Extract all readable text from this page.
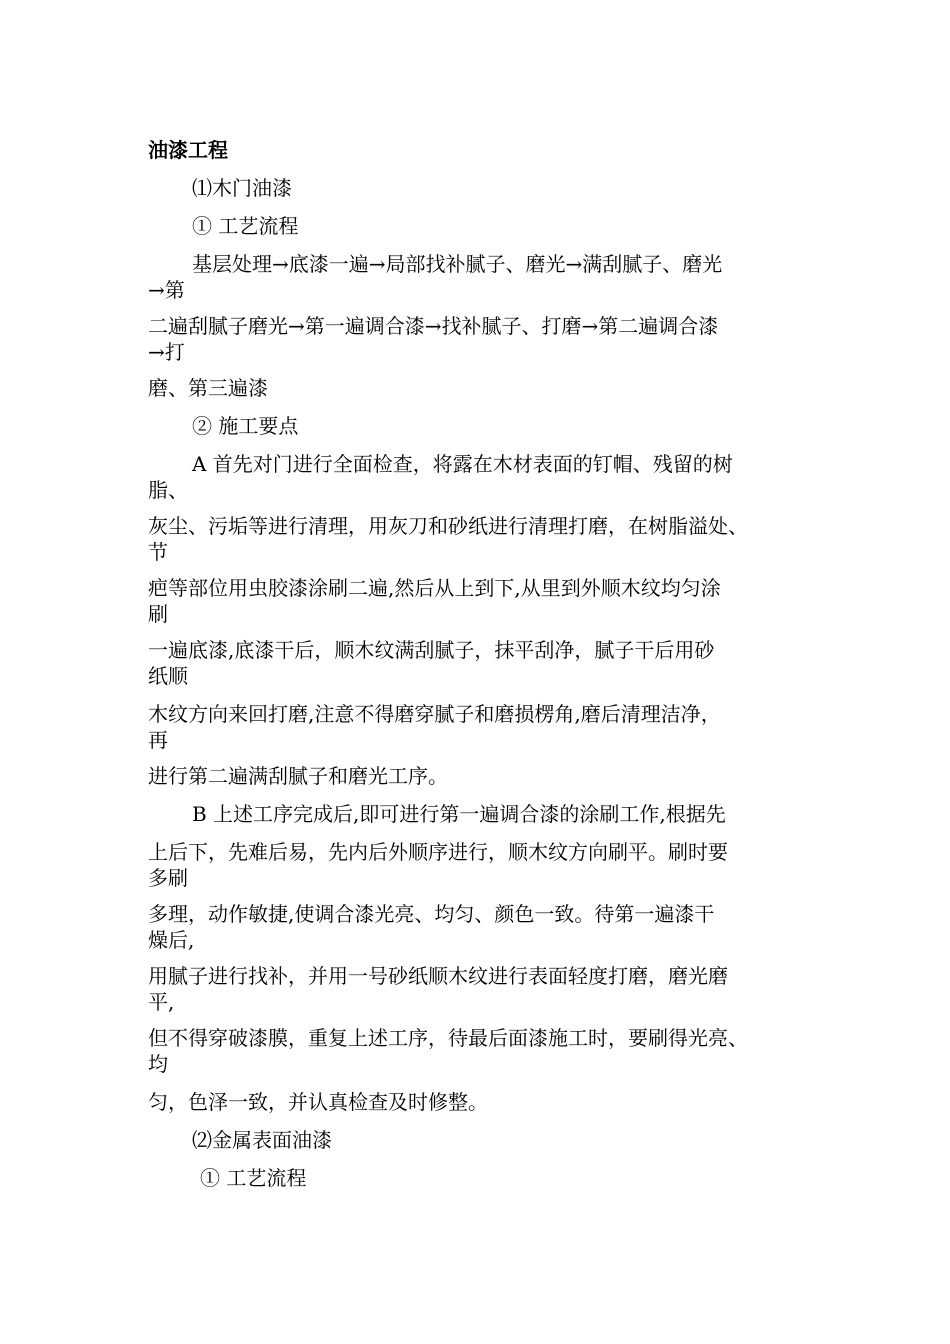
油漆工程
⑴木门油漆
① 工艺流程
基层处理→底漆一遍→局部找补腻子、磨光→满刮腻子、磨光
→第
二遍刮腻子磨光→第一遍调合漆→找补腻子、打磨→第二遍调合漆
→打
磨、第三遍漆
② 施工要点
A 首先对门进行全面检查，将露在木材表面的钉帽、残留的树
脂、
灰尘、污垢等进行清理，用灰刀和砂纸进行清理打磨，在树脂溢处、
节
疤等部位用虫胶漆涂刷二遍,然后从上到下,从里到外顺木纹均匀涂
刷
一遍底漆,底漆干后，顺木纹满刮腻子，抹平刮净，腻子干后用砂
纸顺
木纹方向来回打磨,注意不得磨穿腻子和磨损楞角,磨后清理洁净，
再
进行第二遍满刮腻子和磨光工序。
B 上述工序完成后,即可进行第一遍调合漆的涂刷工作,根据先
上后下，先难后易，先内后外顺序进行，顺木纹方向刷平。刷时要
多刷
多理，动作敏捷,使调合漆光亮、均匀、颜色一致。待第一遍漆干
燥后,
用腻子进行找补，并用一号砂纸顺木纹进行表面轻度打磨，磨光磨
平,
但不得穿破漆膜，重复上述工序，待最后面漆施工时，要刷得光亮、
均
匀，色泽一致，并认真检查及时修整。
⑵金属表面油漆
① 工艺流程
